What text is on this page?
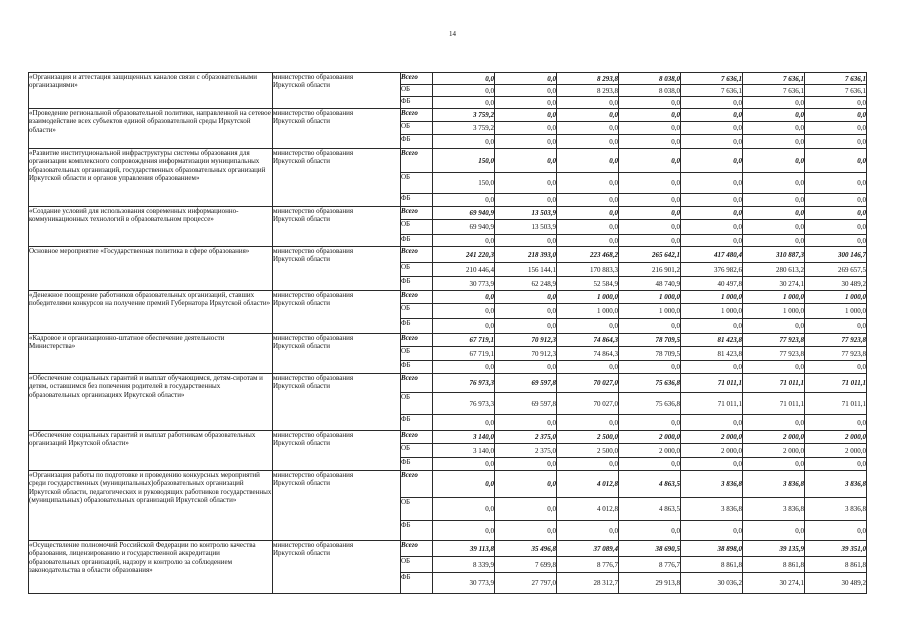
14
«Организация и аттестация защищенных каналов связи с образовательными организациями»	министерство образования Иркутской области	Всего	0,0	0,0	8 293,8	8 038,0	7 636,1	7 636,1	7 636,1
		ОБ	0,0	0,0	8 293,8	8 038,0	7 636,1	7 636,1	7 636,1
		ФБ	0,0	0,0	0,0	0,0	0,0	0,0	0,0
«Проведение региональной образовательной политики, направленной на сетевое взаимодействие всех субъектов единой образовательной среды Иркутской области»	министерство образования Иркутской области	Всего	3 759,2	0,0	0,0	0,0	0,0	0,0	0,0
		ОБ	3 759,2	0,0	0,0	0,0	0,0	0,0	0,0
		ФБ	0,0	0,0	0,0	0,0	0,0	0,0	0,0
«Развитие институциональной инфраструктуры системы образования для организации комплексного сопровождения информатизации муниципальных образовательных организаций, государственных образовательных организаций Иркутской области и органов управления образованием»	министерство образования Иркутской области	Всего	150,0	0,0	0,0	0,0	0,0	0,0	0,0
		ОБ	150,0	0,0	0,0	0,0	0,0	0,0	0,0
		ФБ	0,0	0,0	0,0	0,0	0,0	0,0	0,0
«Создание условий для использования современных информационно-коммуникационных технологий в образовательном процессе»	министерство образования Иркутской области	Всего	69 940,9	13 503,9	0,0	0,0	0,0	0,0	0,0
		ОБ	69 940,9	13 503,9	0,0	0,0	0,0	0,0	0,0
		ФБ	0,0	0,0	0,0	0,0	0,0	0,0	0,0
Основное мероприятие «Государственная политика в сфере образования»	министерство образования Иркутской области	Всего	241 220,3	218 393,0	223 468,2	265 642,1	417 480,4	310 887,3	300 146,7
		ОБ	210 446,4	156 144,1	170 883,3	216 901,2	376 982,6	280 613,2	269 657,5
		ФБ	30 773,9	62 248,9	52 584,9	48 740,9	40 497,8	30 274,1	30 489,2
«Денежное поощрение работников образовательных организаций, ставших победителями конкурсов на получение премий Губернатора Иркутской области»	министерство образования Иркутской области	Всего	0,0	0,0	1 000,0	1 000,0	1 000,0	1 000,0	1 000,0
		ОБ	0,0	0,0	1 000,0	1 000,0	1 000,0	1 000,0	1 000,0
		ФБ	0,0	0,0	0,0	0,0	0,0	0,0	0,0
«Кадровое и организационно-штатное обеспечение деятельности Министерства»	министерство образования Иркутской области	Всего	67 719,1	70 912,3	74 864,3	78 709,5	81 423,8	77 923,8	77 923,8
		ОБ	67 719,1	70 912,3	74 864,3	78 709,5	81 423,8	77 923,8	77 923,8
		ФБ	0,0	0,0	0,0	0,0	0,0	0,0	0,0
«Обеспечение социальных гарантий и выплат обучающимся, детям-сиротам и детям, оставшимся без попечения родителей в государственных образовательных организациях Иркутской области»	министерство образования Иркутской области	Всего	76 973,3	69 597,8	70 027,0	75 636,8	71 011,1	71 011,1	71 011,1
		ОБ	76 973,3	69 597,8	70 027,0	75 636,8	71 011,1	71 011,1	71 011,1
		ФБ	0,0	0,0	0,0	0,0	0,0	0,0	0,0
«Обеспечение социальных гарантий и выплат работникам образовательных организаций Иркутской области»	министерство образования Иркутской области	Всего	3 140,0	2 375,0	2 500,0	2 000,0	2 000,0	2 000,0	2 000,0
		ОБ	3 140,0	2 375,0	2 500,0	2 000,0	2 000,0	2 000,0	2 000,0
		ФБ	0,0	0,0	0,0	0,0	0,0	0,0	0,0
«Организация работы по подготовке и проведению конкурсных мероприятий среди государственных (муниципальных)образовательных организаций Иркутской области, педагогических и руководящих работников государственных (муниципальных) образовательных организаций Иркутской области»	министерство образования Иркутской области	Всего	0,0	0,0	4 012,8	4 863,5	3 836,8	3 836,8	3 836,8
		ОБ	0,0	0,0	4 012,8	4 863,5	3 836,8	3 836,8	3 836,8
		ФБ	0,0	0,0	0,0	0,0	0,0	0,0	0,0
«Осуществление полномочий Российской Федерации по контролю качества образования, лицензированию и государственной аккредитации образовательных организаций, надзору и контролю за соблюдением законодательства в области образования»	министерство образования Иркутской области	Всего	39 113,8	35 496,8	37 089,4	38 690,5	38 898,0	39 135,9	39 351,0
		ОБ	8 339,9	7 699,8	8 776,7	8 776,7	8 861,8	8 861,8	8 861,8
		ФБ	30 773,9	27 797,0	28 312,7	29 913,8	30 036,2	30 274,1	30 489,2
